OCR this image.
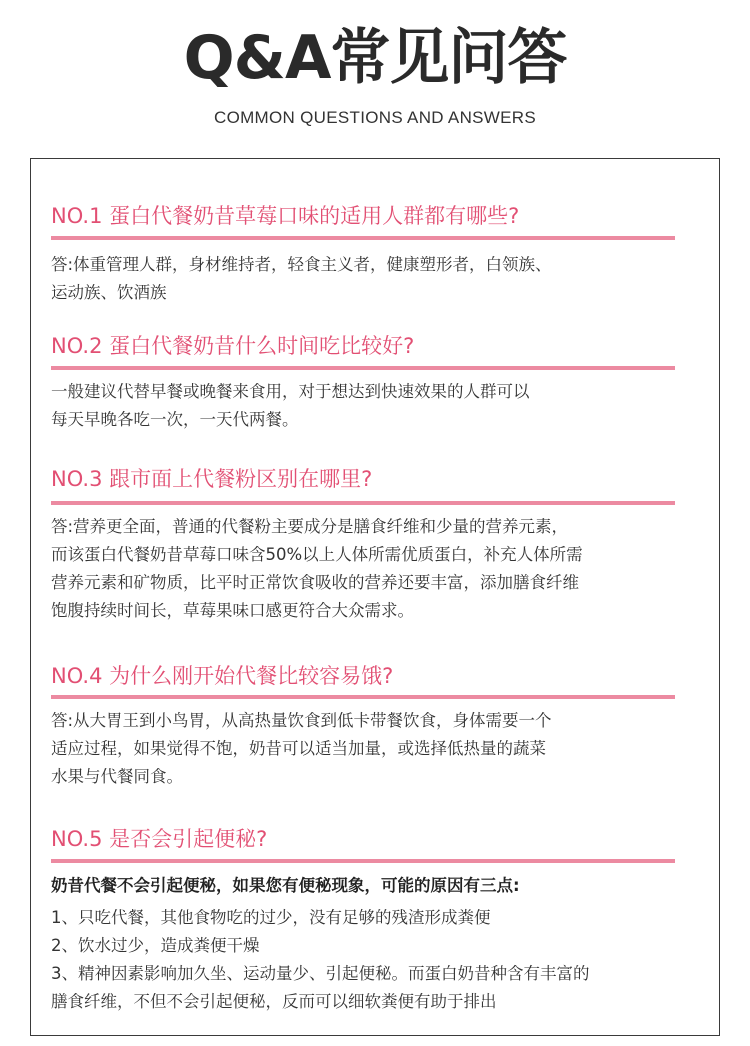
Q&A常见问答
COMMON QUESTIONS AND ANSWERS
NO.1 蛋白代餐奶昔草莓口味的适用人群都有哪些?
答:体重管理人群，身材维持者，轻食主义者，健康塑形者，白领族、
运动族、饮酒族
NO.2 蛋白代餐奶昔什么时间吃比较好?
一般建议代替早餐或晚餐来食用，对于想达到快速效果的人群可以
每天早晚各吃一次，一天代两餐。
NO.3 跟市面上代餐粉区别在哪里?
答:营养更全面，普通的代餐粉主要成分是膳食纤维和少量的营养元素，
而该蛋白代餐奶昔草莓口味含50%以上人体所需优质蛋白，补充人体所需
营养元素和矿物质，比平时正常饮食吸收的营养还要丰富，添加膳食纤维
饱腹持续时间长，草莓果味口感更符合大众需求。
NO.4 为什么刚开始代餐比较容易饿?
答:从大胃王到小鸟胃，从高热量饮食到低卡带餐饮食，身体需要一个
适应过程，如果觉得不饱，奶昔可以适当加量，或选择低热量的蔬菜
水果与代餐同食。
NO.5 是否会引起便秘?
奶昔代餐不会引起便秘，如果您有便秘现象，可能的原因有三点:
1、只吃代餐，其他食物吃的过少，没有足够的残渣形成粪便
2、饮水过少，造成粪便干燥
3、精神因素影响加久坐、运动量少、引起便秘。而蛋白奶昔种含有丰富的
膳食纤维，不但不会引起便秘，反而可以细软粪便有助于排出
